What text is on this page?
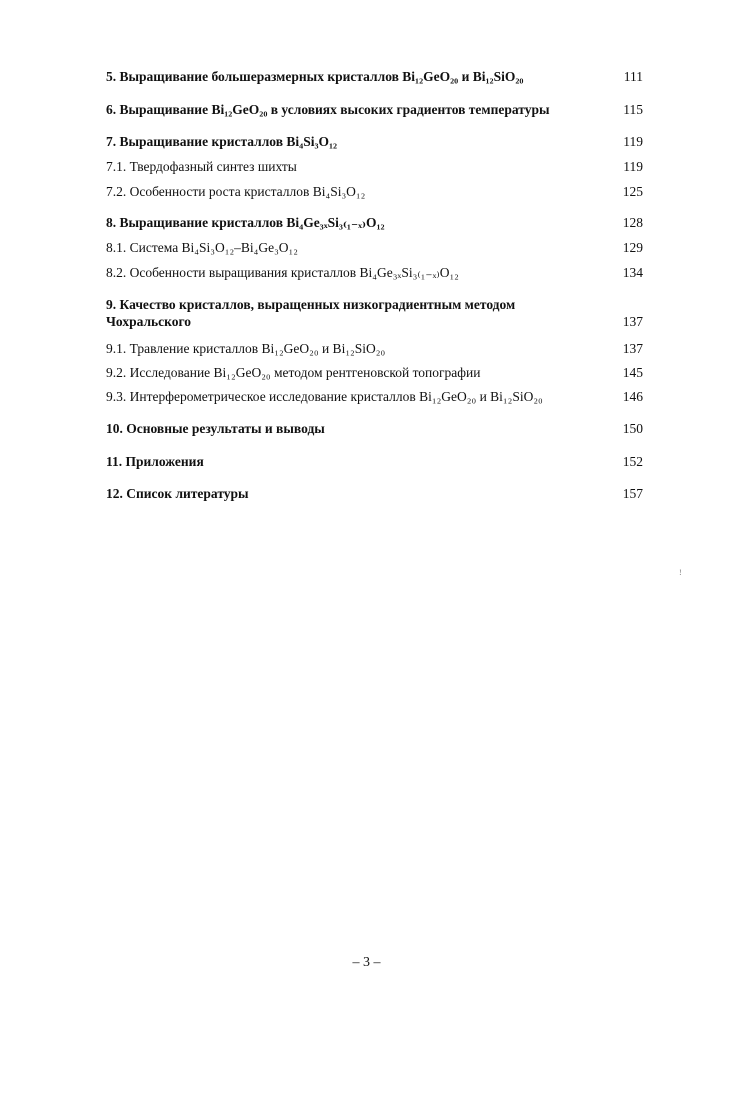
5. Выращивание большеразмерных кристаллов Bi₁₂GeO₂₀ и Bi₁₂SiO₂₀	111
6. Выращивание Bi₁₂GeO₂₀ в условиях высоких градиентов температуры	115
7. Выращивание кристаллов Bi₄Si₃O₁₂	119
7.1. Твердофазный синтез шихты	119
7.2. Особенности роста кристаллов Bi₄Si₃O₁₂	125
8. Выращивание кристаллов Bi₄Ge₃ₓSi₃₍₁₋ₓ₎O₁₂	128
8.1. Система Bi₄Si₃O₁₂–Bi₄Ge₃O₁₂	129
8.2. Особенности выращивания кристаллов Bi₄Ge₃ₓSi₃₍₁₋ₓ₎O₁₂	134
9. Качество кристаллов, выращенных низкоградиентным методом
Чохральского	137
9.1. Травление кристаллов Bi₁₂GeO₂₀ и Bi₁₂SiO₂₀	137
9.2. Исследование Bi₁₂GeO₂₀ методом рентгеновской топографии	145
9.3. Интерферометрическое исследование кристаллов Bi₁₂GeO₂₀ и Bi₁₂SiO₂₀	146
10. Основные результаты и выводы	150
11. Приложения	152
12. Список литературы	157
!
– 3 –
